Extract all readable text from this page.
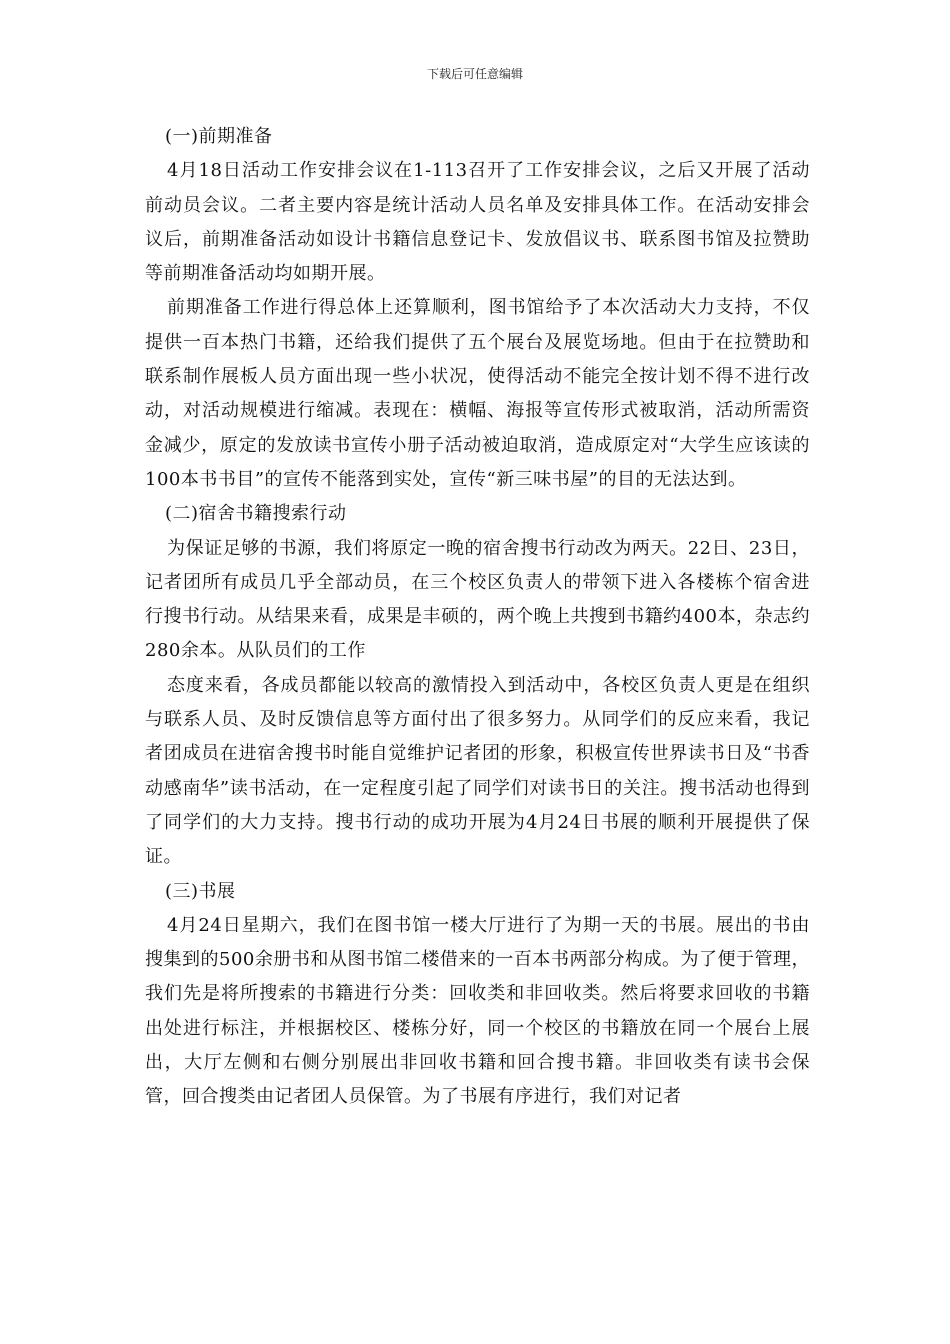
下载后可任意编辑
(一)前期准备

4月18日活动工作安排会议在1-113召开了工作安排会议，之后又开展了活动前动员会议。二者主要内容是统计活动人员名单及安排具体工作。在活动安排会议后，前期准备活动如设计书籍信息登记卡、发放倡议书、联系图书馆及拉赞助等前期准备活动均如期开展。

前期准备工作进行得总体上还算顺利，图书馆给予了本次活动大力支持，不仅提供一百本热门书籍，还给我们提供了五个展台及展览场地。但由于在拉赞助和联系制作展板人员方面出现一些小状况，使得活动不能完全按计划不得不进行改动，对活动规模进行缩减。表现在：横幅、海报等宣传形式被取消，活动所需资金减少，原定的发放读书宣传小册子活动被迫取消，造成原定对“大学生应该读的100本书书目”的宣传不能落到实处，宣传“新三味书屋”的目的无法达到。

(二)宿舍书籍搜索行动

为保证足够的书源，我们将原定一晚的宿舍搜书行动改为两天。22日、23日，记者团所有成员几乎全部动员，在三个校区负责人的带领下进入各楼栋个宿舍进行搜书行动。从结果来看，成果是丰硕的，两个晚上共搜到书籍约400本，杂志约280余本。从队员们的工作

态度来看，各成员都能以较高的激情投入到活动中，各校区负责人更是在组织与联系人员、及时反馈信息等方面付出了很多努力。从同学们的反应来看，我记者团成员在进宿舍搜书时能自觉维护记者团的形象，积极宣传世界读书日及“书香动感南华”读书活动，在一定程度引起了同学们对读书日的关注。搜书活动也得到了同学们的大力支持。搜书行动的成功开展为4月24日书展的顺利开展提供了保证。

(三)书展

4月24日星期六，我们在图书馆一楼大厅进行了为期一天的书展。展出的书由搜集到的500余册书和从图书馆二楼借来的一百本书两部分构成。为了便于管理，我们先是将所搜索的书籍进行分类：回收类和非回收类。然后将要求回收的书籍出处进行标注，并根据校区、楼栋分好，同一个校区的书籍放在同一个展台上展出，大厅左侧和右侧分别展出非回收书籍和回合搜书籍。非回收类有读书会保管，回合搜类由记者团人员保管。为了书展有序进行，我们对记者
